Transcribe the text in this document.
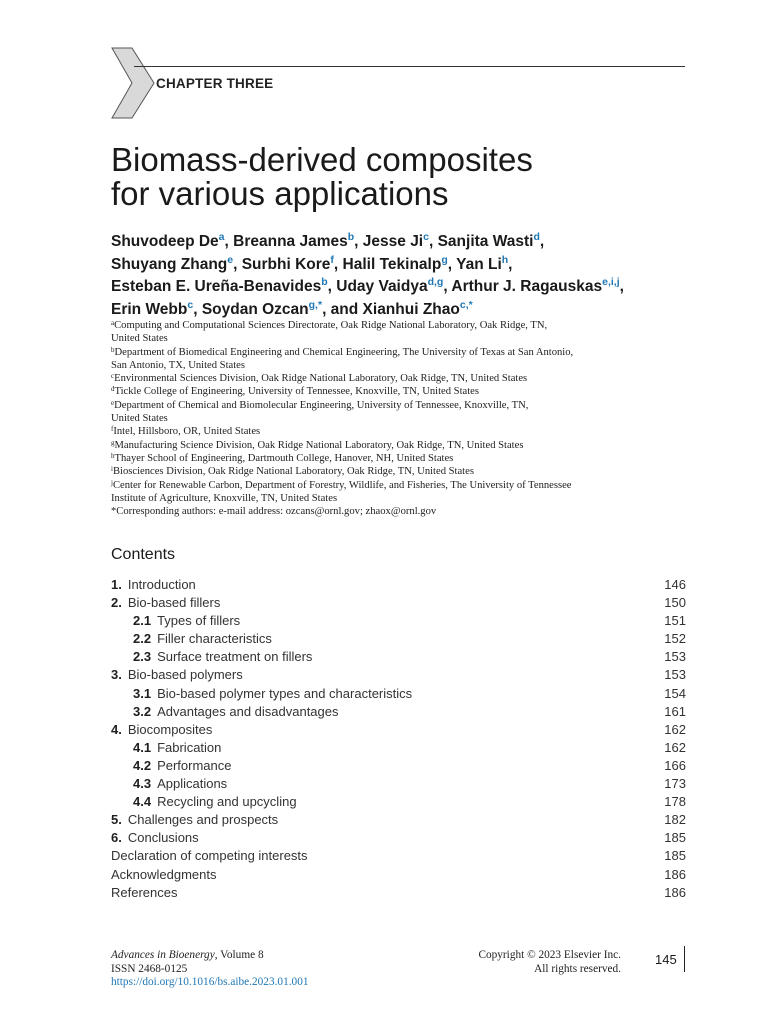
CHAPTER THREE
Biomass-derived composites
for various applications
Shuvodeep De$^a$, Breanna James$^b$, Jesse Ji$^c$, Sanjita Wasti$^d$,
Shuyang Zhang$^e$, Surbhi Kore$^f$, Halil Tekinalp$^g$, Yan Li$^h$,
Esteban E. Ureña-Benavides$^b$, Uday Vaidya$^{d,g}$, Arthur J. Ragauskas$^{e,i,j}$,
Erin Webb$^c$, Soydan Ozcan$^{g,*}$, and Xianhui Zhao$^{c,*}$
$^a$Computing and Computational Sciences Directorate, Oak Ridge National Laboratory, Oak Ridge, TN,
United States
$^b$Department of Biomedical Engineering and Chemical Engineering, The University of Texas at San Antonio,
San Antonio, TX, United States
$^c$Environmental Sciences Division, Oak Ridge National Laboratory, Oak Ridge, TN, United States
$^d$Tickle College of Engineering, University of Tennessee, Knoxville, TN, United States
$^e$Department of Chemical and Biomolecular Engineering, University of Tennessee, Knoxville, TN,
United States
$^f$Intel, Hillsboro, OR, United States
$^g$Manufacturing Science Division, Oak Ridge National Laboratory, Oak Ridge, TN, United States
$^h$Thayer School of Engineering, Dartmouth College, Hanover, NH, United States
$^i$Biosciences Division, Oak Ridge National Laboratory, Oak Ridge, TN, United States
$^j$Center for Renewable Carbon, Department of Forestry, Wildlife, and Fisheries, The University of Tennessee
Institute of Agriculture, Knoxville, TN, United States
*Corresponding authors: e-mail address: ozcans@ornl.gov; zhaox@ornl.gov
Contents
1. Introduction	146
2. Bio-based fillers	150
2.1 Types of fillers	151
2.2 Filler characteristics	152
2.3 Surface treatment on fillers	153
3. Bio-based polymers	153
3.1 Bio-based polymer types and characteristics	154
3.2 Advantages and disadvantages	161
4. Biocomposites	162
4.1 Fabrication	162
4.2 Performance	166
4.3 Applications	173
4.4 Recycling and upcycling	178
5. Challenges and prospects	182
6. Conclusions	185
Declaration of competing interests	185
Acknowledgments	186
References	186
Advances in Bioenergy, Volume 8
ISSN 2468-0125
https://doi.org/10.1016/bs.aibe.2023.01.001
Copyright © 2023 Elsevier Inc.
All rights reserved.
145
